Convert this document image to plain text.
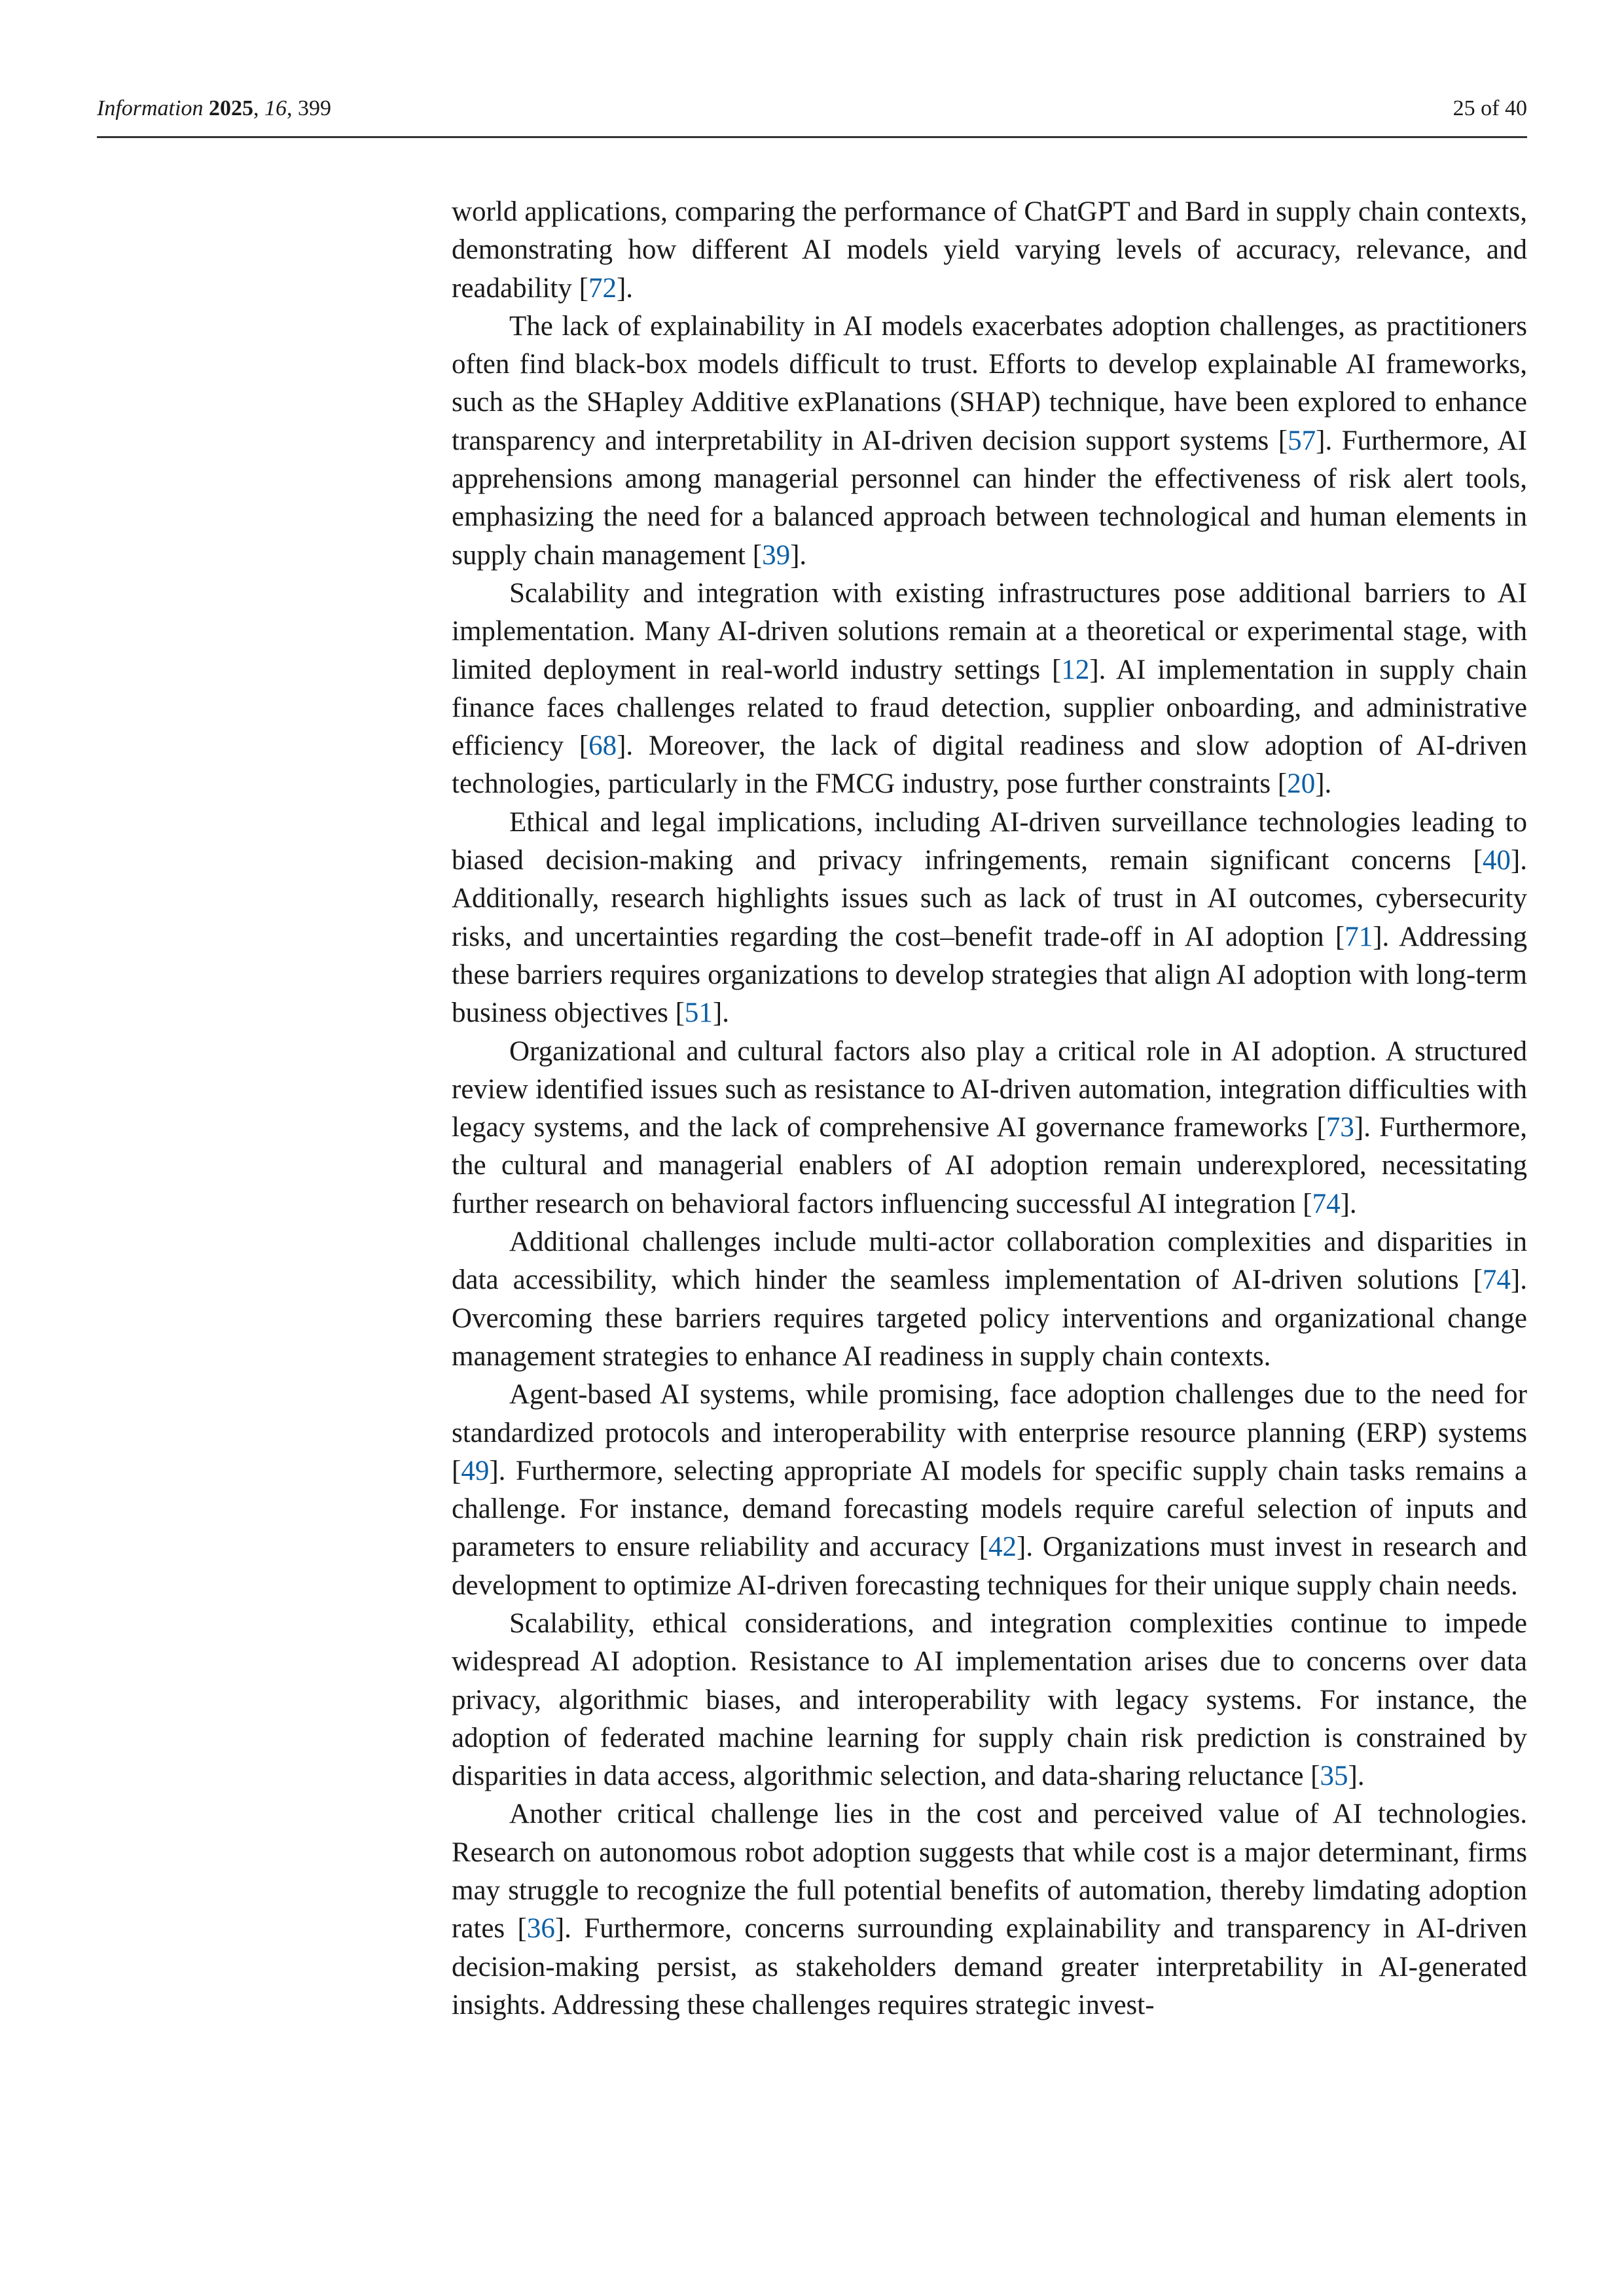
Information 2025, 16, 399	25 of 40

world applications, comparing the performance of ChatGPT and Bard in supply chain contexts, demonstrating how different AI models yield varying levels of accuracy, relevance, and readability [72].

The lack of explainability in AI models exacerbates adoption challenges, as practitioners often find black-box models difficult to trust. Efforts to develop explainable AI frameworks, such as the SHapley Additive exPlanations (SHAP) technique, have been explored to enhance transparency and interpretability in AI-driven decision support systems [57]. Furthermore, AI apprehensions among managerial personnel can hinder the effectiveness of risk alert tools, emphasizing the need for a balanced approach between technological and human elements in supply chain management [39].

Scalability and integration with existing infrastructures pose additional barriers to AI implementation. Many AI-driven solutions remain at a theoretical or experimental stage, with limited deployment in real-world industry settings [12]. AI implementation in supply chain finance faces challenges related to fraud detection, supplier onboarding, and administrative efficiency [68]. Moreover, the lack of digital readiness and slow adoption of AI-driven technologies, particularly in the FMCG industry, pose further constraints [20].

Ethical and legal implications, including AI-driven surveillance technologies leading to biased decision-making and privacy infringements, remain significant concerns [40]. Additionally, research highlights issues such as lack of trust in AI outcomes, cybersecurity risks, and uncertainties regarding the cost–benefit trade-off in AI adoption [71]. Addressing these barriers requires organizations to develop strategies that align AI adoption with long-term business objectives [51].

Organizational and cultural factors also play a critical role in AI adoption. A structured review identified issues such as resistance to AI-driven automation, integration difficulties with legacy systems, and the lack of comprehensive AI governance frameworks [73]. Furthermore, the cultural and managerial enablers of AI adoption remain underexplored, necessitating further research on behavioral factors influencing successful AI integration [74].

Additional challenges include multi-actor collaboration complexities and disparities in data accessibility, which hinder the seamless implementation of AI-driven solutions [74]. Overcoming these barriers requires targeted policy interventions and organizational change management strategies to enhance AI readiness in supply chain contexts.

Agent-based AI systems, while promising, face adoption challenges due to the need for standardized protocols and interoperability with enterprise resource planning (ERP) systems [49]. Furthermore, selecting appropriate AI models for specific supply chain tasks remains a challenge. For instance, demand forecasting models require careful selection of inputs and parameters to ensure reliability and accuracy [42]. Organizations must invest in research and development to optimize AI-driven forecasting techniques for their unique supply chain needs.

Scalability, ethical considerations, and integration complexities continue to impede widespread AI adoption. Resistance to AI implementation arises due to concerns over data privacy, algorithmic biases, and interoperability with legacy systems. For instance, the adoption of federated machine learning for supply chain risk prediction is constrained by disparities in data access, algorithmic selection, and data-sharing reluctance [35].

Another critical challenge lies in the cost and perceived value of AI technologies. Research on autonomous robot adoption suggests that while cost is a major determinant, firms may struggle to recognize the full potential benefits of automation, thereby limdating adoption rates [36]. Furthermore, concerns surrounding explainability and transparency in AI-driven decision-making persist, as stakeholders demand greater interpretability in AI-generated insights. Addressing these challenges requires strategic invest-
